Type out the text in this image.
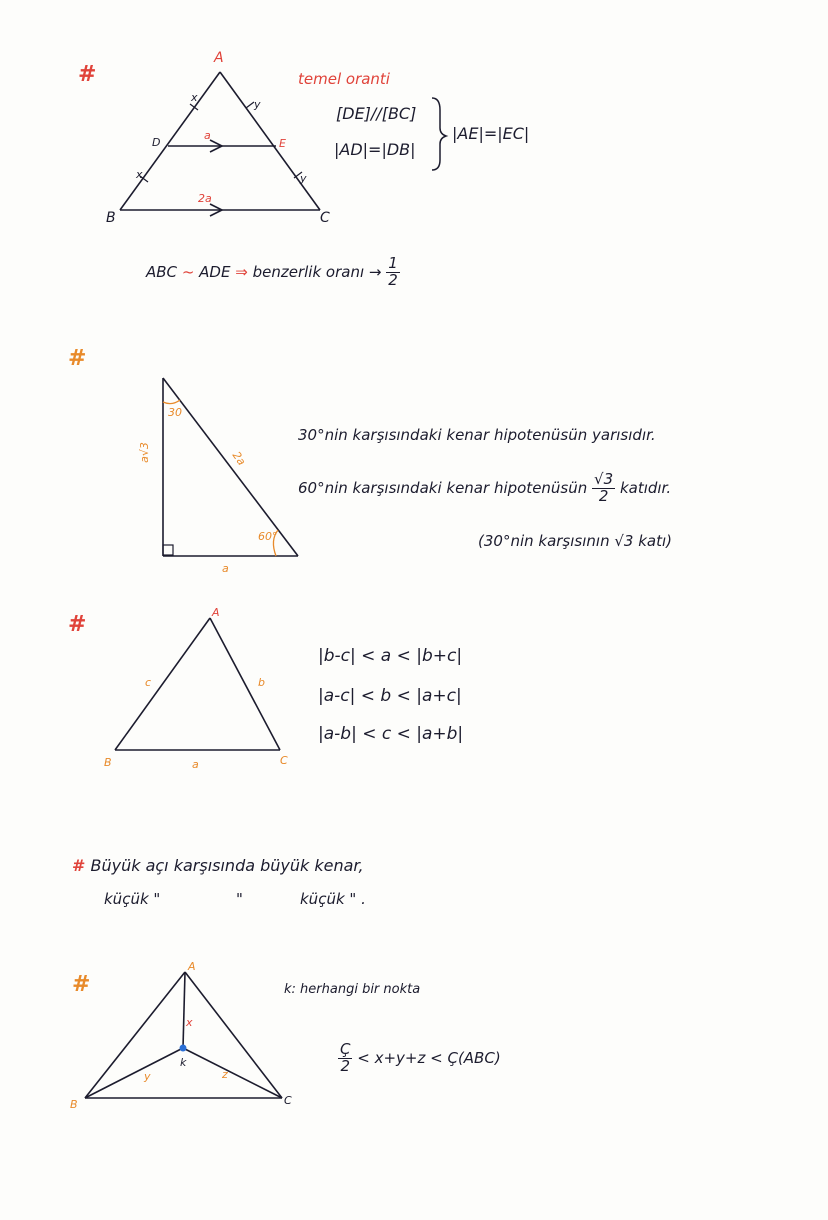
#
A
B	C
D	E
x
x
y
y
a
2a
temel oranti
[DE]//[BC]
|AD|=|DB|
|AE|=|EC|
ABC ~ ADE ⇒ benzerlik oranı → $\frac{1}{2}$
#
30
60°
a√3	2a
a
30°nin karşısındaki kenar hipotenüsün yarısıdır.
60°nin karşısındaki kenar hipotenüsün $\frac{√3}{2}$ katıdır.
(30°nin karşısının √3 katı)
#	A
B	C
a
b
c
|b-c| < a < |b+c|
|a-c| < b < |a+c|
|a-b| < c < |a+b|
# Büyük açı karşısında büyük kenar,
küçük "	"	küçük " .
#
A
B	C
k
x
y	z
k: herhangi bir nokta
$\frac{Ç}{2} < x+y+z$ < Ç(ABC)
